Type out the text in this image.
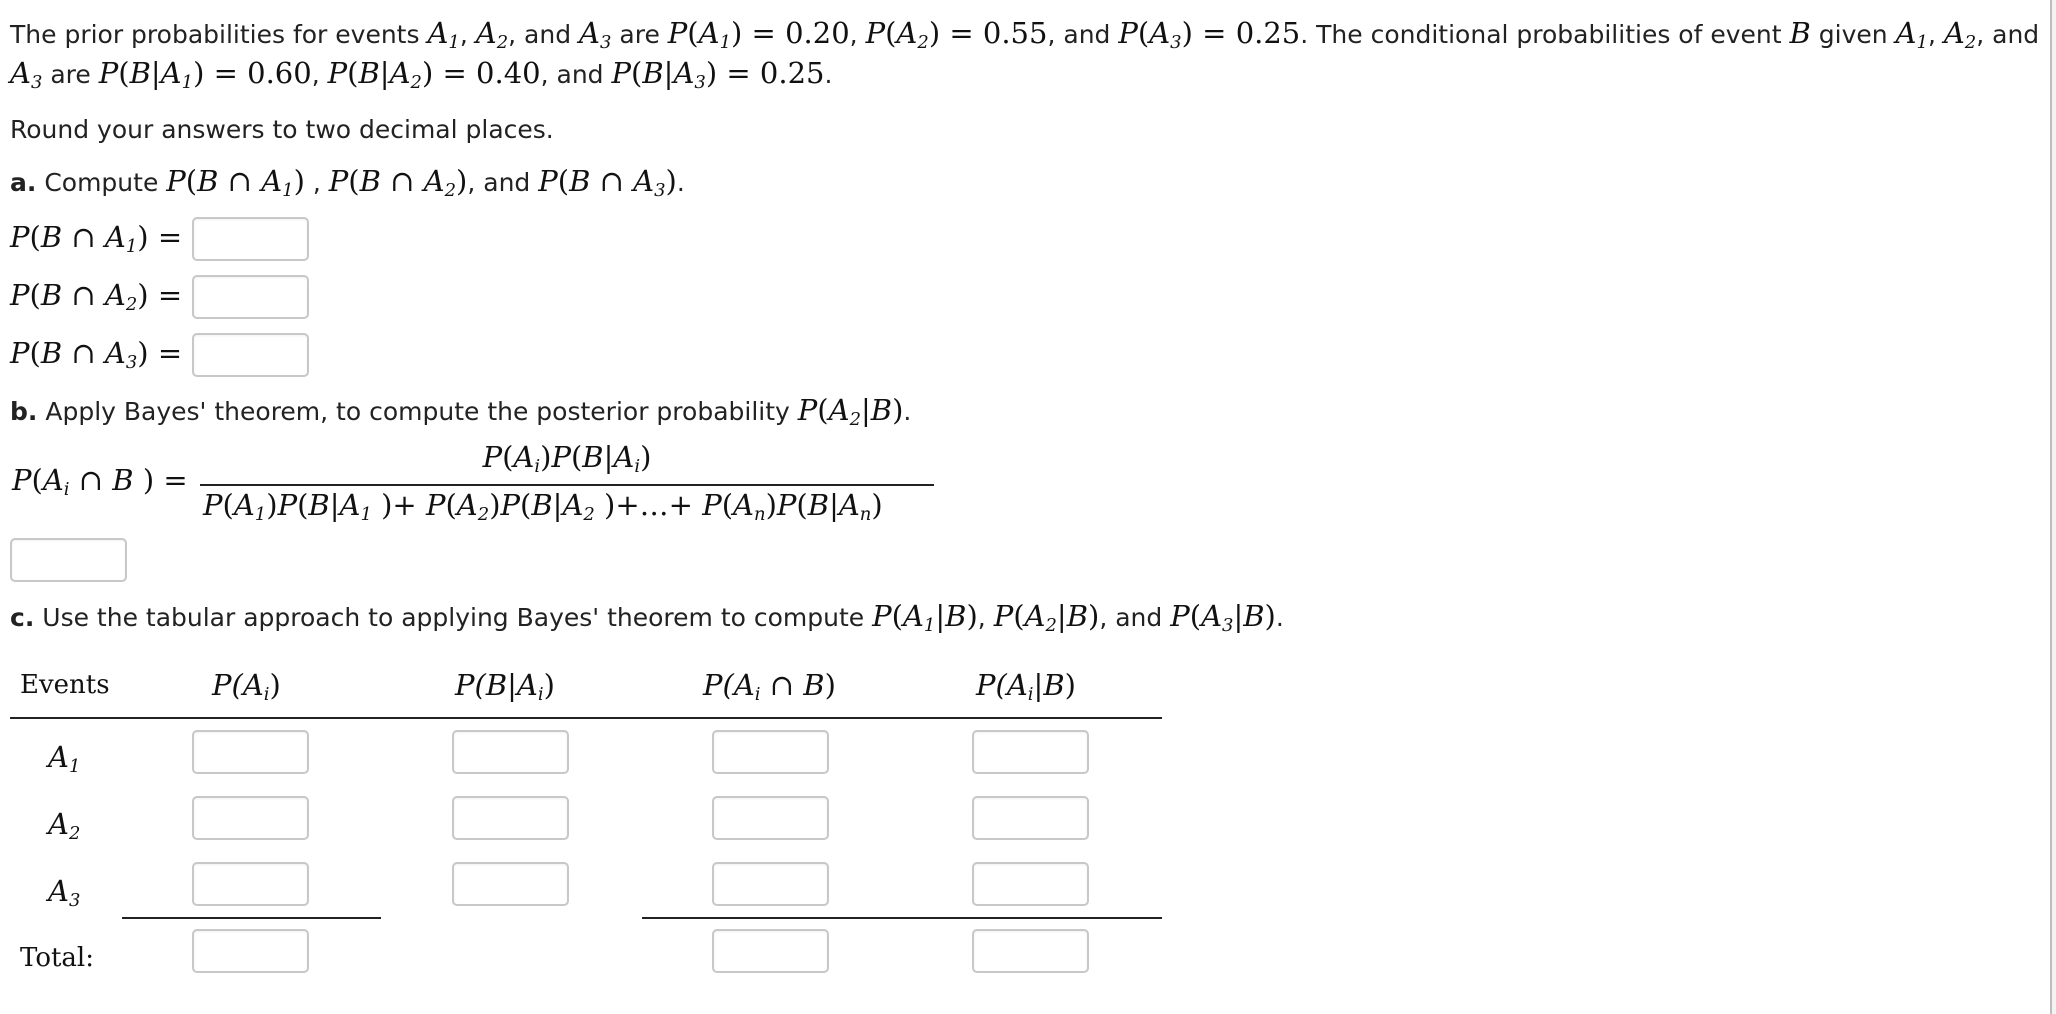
The prior probabilities for events $A_1$, $A_2$, and $A_3$ are $P(A_1) = 0.20$, $P(A_2) = 0.55$, and $P(A_3) = 0.25$. The conditional probabilities of event B given $A_1$, $A_2$, and
$A_3$ are $P(B|A_1) = 0.60$, $P(B|A_2) = 0.40$, and $P(B|A_3) = 0.25$.
Round your answers to two decimal places.
a. Compute P(B ∩ $A_1$) , P(B ∩ $A_2$), and P(B ∩ $A_3$).
P(B ∩ $A_1$) =
P(B ∩ $A_2$) =
P(B ∩ $A_3$) =
b. Apply Bayes' theorem, to compute the posterior probability $P(A_2|B)$.
$P(A_i$ ∩ B ) =
$P(A_i)P(B|A_i)$
$P(A_1)P(B|A_1$ )+ $P(A_2)P(B|A_2$ )+…+ $P(A_n)P(B|A_n)$
c. Use the tabular approach to applying Bayes' theorem to compute $P(A_1|B)$, $P(A_2|B)$, and $P(A_3|B)$.
Events	$P(A_i)$	$P(B|A_i)$	$P(A_i$ ∩ B)	$P(A_i|B)$
$A_1$
$A_2$
$A_3$
Total:
